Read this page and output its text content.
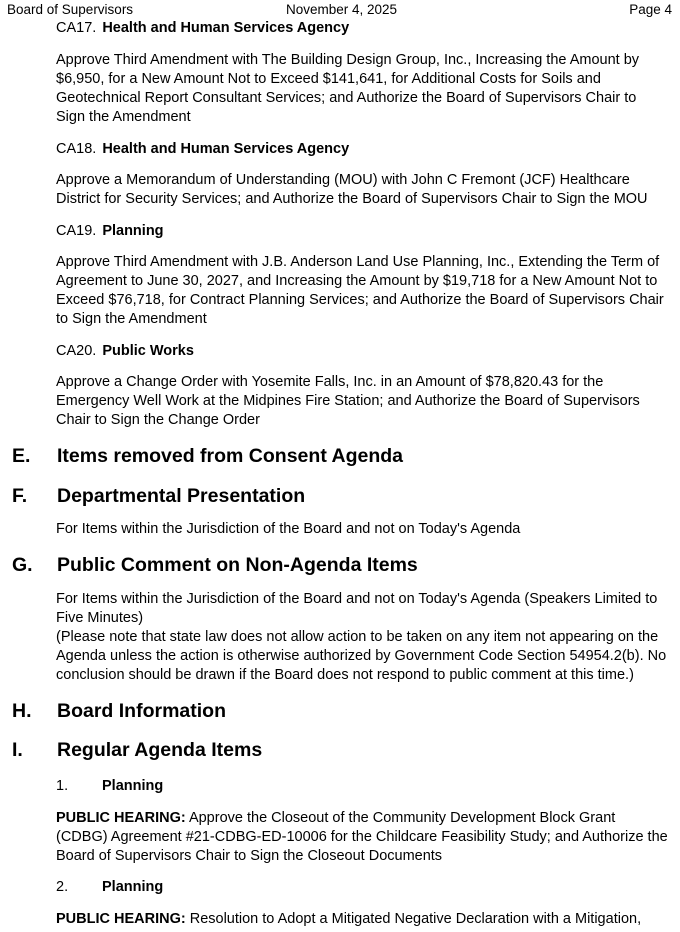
Board of Supervisors	November 4, 2025	Page 4
CA17. Health and Human Services Agency
Approve Third Amendment with The Building Design Group, Inc., Increasing the Amount by $6,950, for a New Amount Not to Exceed $141,641, for Additional Costs for Soils and Geotechnical Report Consultant Services; and Authorize the Board of Supervisors Chair to Sign the Amendment
CA18. Health and Human Services Agency
Approve a Memorandum of Understanding (MOU) with John C Fremont (JCF) Healthcare District for Security Services; and Authorize the Board of Supervisors Chair to Sign the MOU
CA19. Planning
Approve Third Amendment with J.B. Anderson Land Use Planning, Inc., Extending the Term of Agreement to June 30, 2027, and Increasing the Amount by $19,718 for a New Amount Not to Exceed $76,718, for Contract Planning Services; and Authorize the Board of Supervisors Chair to Sign the Amendment
CA20. Public Works
Approve a Change Order with Yosemite Falls, Inc. in an Amount of $78,820.43 for the Emergency Well Work at the Midpines Fire Station; and Authorize the Board of Supervisors Chair to Sign the Change Order
E. Items removed from Consent Agenda
F. Departmental Presentation
For Items within the Jurisdiction of the Board and not on Today's Agenda
G. Public Comment on Non-Agenda Items
For Items within the Jurisdiction of the Board and not on Today's Agenda (Speakers Limited to Five Minutes)
(Please note that state law does not allow action to be taken on any item not appearing on the Agenda unless the action is otherwise authorized by Government Code Section 54954.2(b). No conclusion should be drawn if the Board does not respond to public comment at this time.)
H. Board Information
I. Regular Agenda Items
1. Planning
PUBLIC HEARING: Approve the Closeout of the Community Development Block Grant (CDBG) Agreement #21-CDBG-ED-10006 for the Childcare Feasibility Study; and Authorize the Board of Supervisors Chair to Sign the Closeout Documents
2. Planning
PUBLIC HEARING: Resolution to Adopt a Mitigated Negative Declaration with a Mitigation,
